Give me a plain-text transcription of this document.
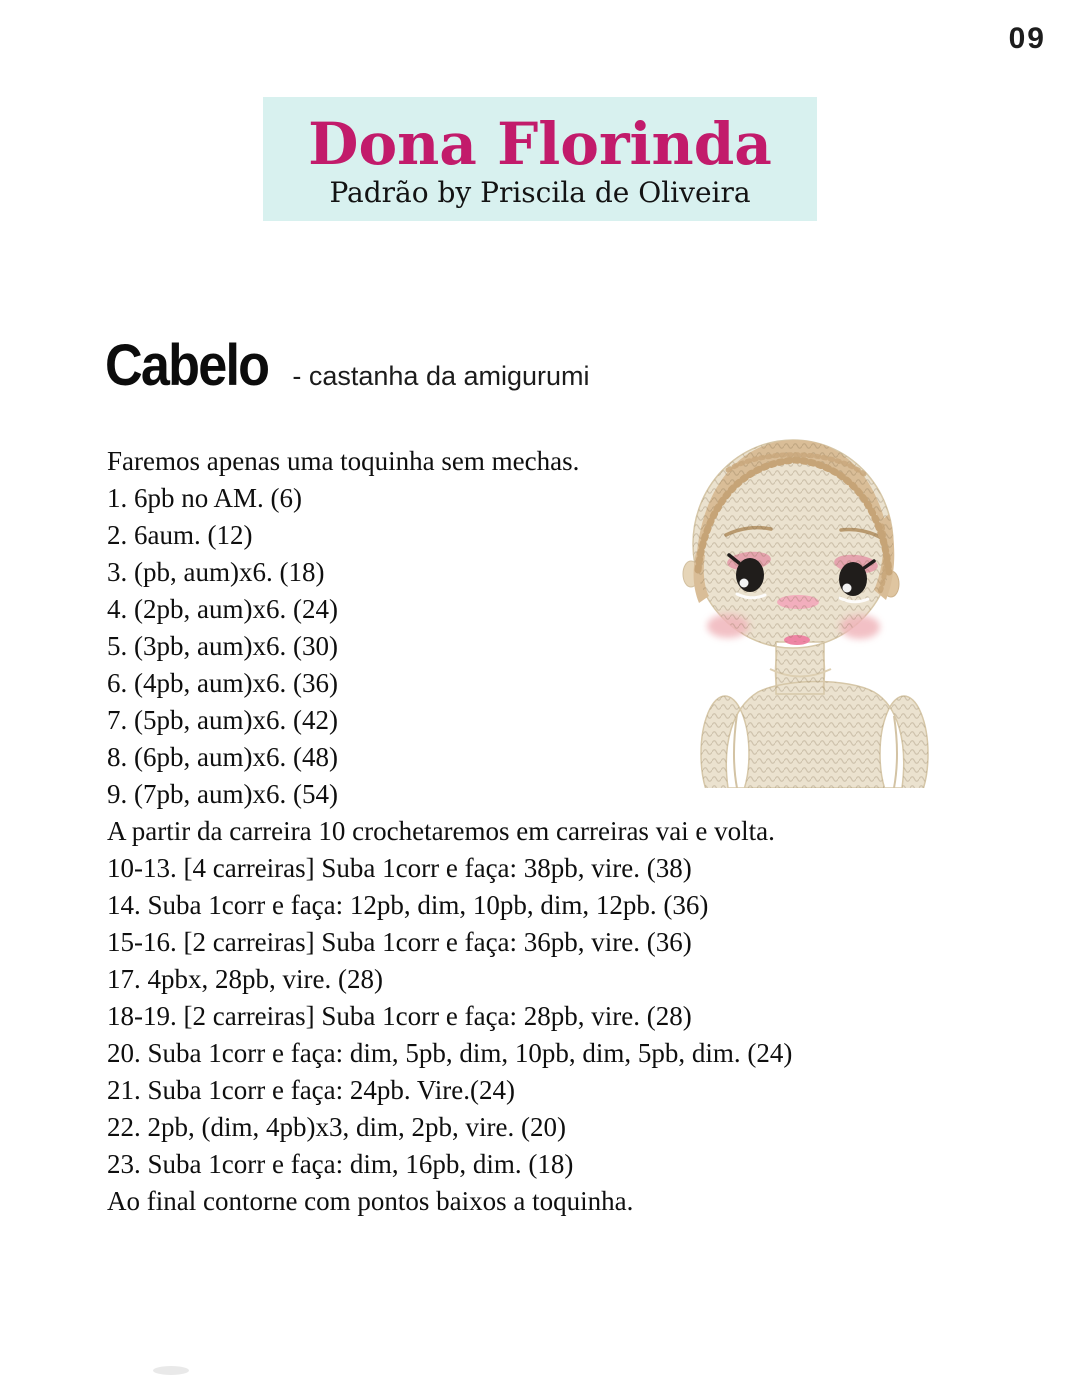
09
Dona Florinda
Padrão by Priscila de Oliveira
Cabelo - castanha da amigurumi
Faremos apenas uma toquinha sem mechas.
1. 6pb no AM. (6)
2. 6aum. (12)
3. (pb, aum)x6. (18)
4. (2pb, aum)x6. (24)
5. (3pb, aum)x6. (30)
6. (4pb, aum)x6. (36)
7. (5pb, aum)x6. (42)
8. (6pb, aum)x6. (48)
9. (7pb, aum)x6. (54)
A partir da carreira 10 crochetaremos em carreiras vai e volta.
10-13. [4 carreiras] Suba 1corr e faça: 38pb, vire. (38)
14. Suba 1corr e faça: 12pb, dim, 10pb, dim, 12pb. (36)
15-16. [2 carreiras] Suba 1corr e faça: 36pb, vire. (36)
17. 4pbx, 28pb, vire. (28)
18-19. [2 carreiras] Suba 1corr e faça: 28pb, vire. (28)
20. Suba 1corr e faça: dim, 5pb, dim, 10pb, dim, 5pb, dim. (24)
21. Suba 1corr e faça: 24pb. Vire.(24)
22. 2pb, (dim, 4pb)x3, dim, 2pb, vire. (20)
23. Suba 1corr e faça: dim, 16pb, dim. (18)
Ao final contorne com pontos baixos a toquinha.
